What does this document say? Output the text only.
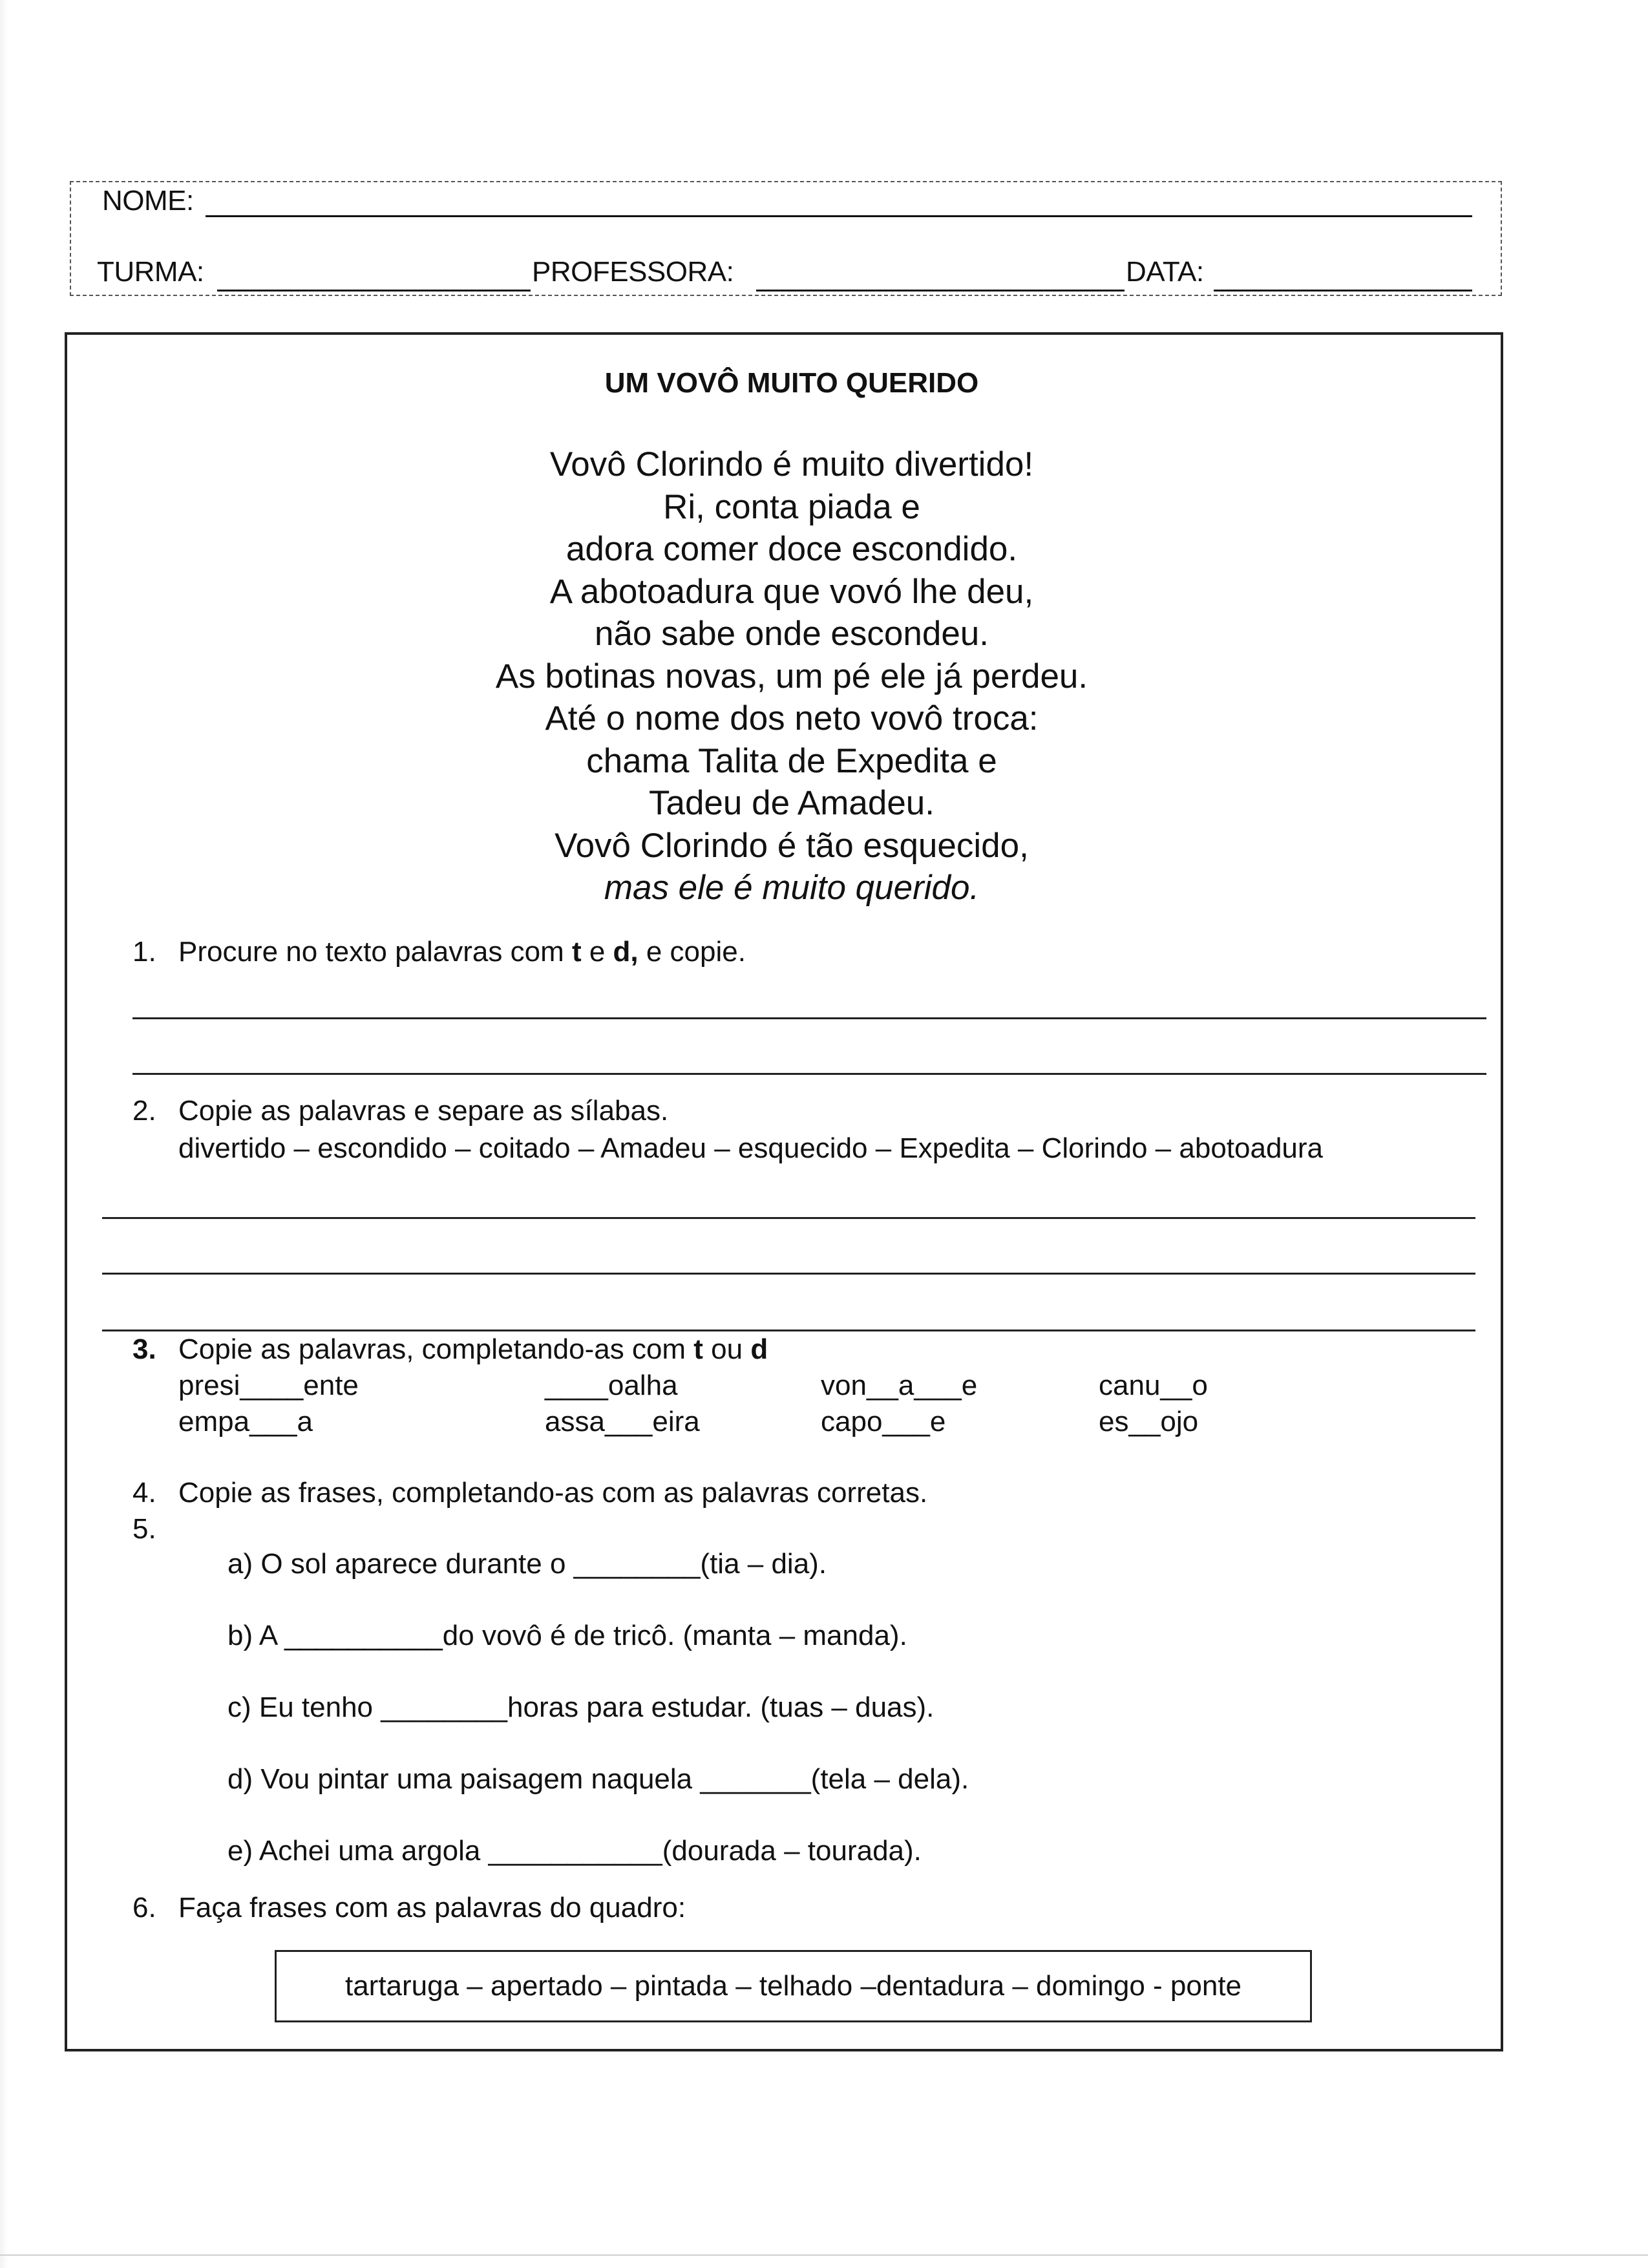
NOME:
TURMA:	PROFESSORA:	DATA:
UM VOVÔ MUITO QUERIDO
Vovô Clorindo é muito divertido!
Ri, conta piada e
adora comer doce escondido.
A abotoadura que vovó lhe deu,
não sabe onde escondeu.
As botinas novas, um pé ele já perdeu.
Até o nome dos neto vovô troca:
chama Talita de Expedita e
Tadeu de Amadeu.
Vovô Clorindo é tão esquecido,
mas ele é muito querido.
1. Procure no texto palavras com t e d, e copie.
2. Copie as palavras e separe as sílabas.
divertido – escondido – coitado – Amadeu – esquecido – Expedita – Clorindo – abotoadura
3. Copie as palavras, completando-as com t ou d
presi____ente	____oalha	von__a___e	canu__o
empa___a	assa___eira	capo___e	es__ojo
4. Copie as frases, completando-as com as palavras corretas.
5.
a) O sol aparece durante o ________(tia – dia).
b) A __________do vovô é de tricô. (manta – manda).
c) Eu tenho ________horas para estudar. (tuas – duas).
d) Vou pintar uma paisagem naquela _______(tela – dela).
e) Achei uma argola ___________(dourada – tourada).
6. Faça frases com as palavras do quadro:
tartaruga – apertado – pintada – telhado –dentadura – domingo - ponte
